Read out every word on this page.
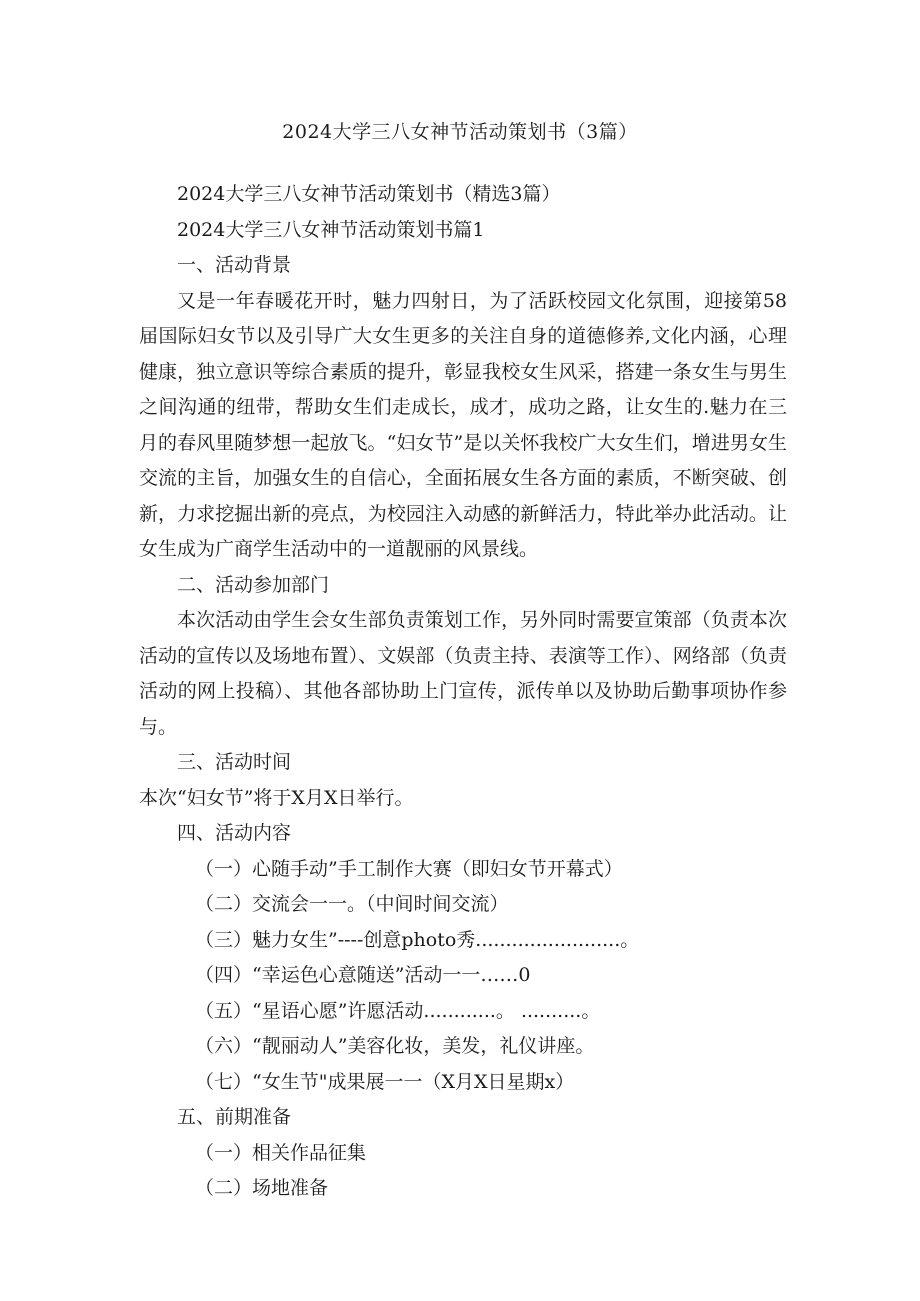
2024大学三八女神节活动策划书（3篇）

2024大学三八女神节活动策划书（精选3篇）

2024大学三八女神节活动策划书篇1

一、活动背景

又是一年春暖花开时，魅力四射日，为了活跃校园文化氛围，迎接第58届国际妇女节以及引导广大女生更多的关注自身的道德修养,文化内涵，心理健康，独立意识等综合素质的提升，彰显我校女生风采，搭建一条女生与男生之间沟通的纽带，帮助女生们走成长，成才，成功之路，让女生的.魅力在三月的春风里随梦想一起放飞。“妇女节”是以关怀我校广大女生们，增进男女生交流的主旨，加强女生的自信心，全面拓展女生各方面的素质，不断突破、创新，力求挖掘出新的亮点，为校园注入动感的新鲜活力，特此举办此活动。让女生成为广商学生活动中的一道靓丽的风景线。

二、活动参加部门

本次活动由学生会女生部负责策划工作，另外同时需要宣策部（负责本次活动的宣传以及场地布置）、文娱部（负责主持、表演等工作）、网络部（负责活动的网上投稿）、其他各部协助上门宣传，派传单以及协助后勤事项协作参与。

三、活动时间

本次“妇女节”将于X月X日举行。

四、活动内容

（一）心随手动”手工制作大赛（即妇女节开幕式）

（二）交流会一一。（中间时间交流）

（三）魅力女生”----创意photo秀........................。

（四）“幸运色心意随送”活动一一……0

（五）“星语心愿”许愿活动............。 ..........。

（六）“靓丽动人”美容化妆，美发，礼仪讲座。

（七）“女生节"成果展一一（X月X日星期x）

五、前期准备

（一）相关作品征集

（二）场地准备
